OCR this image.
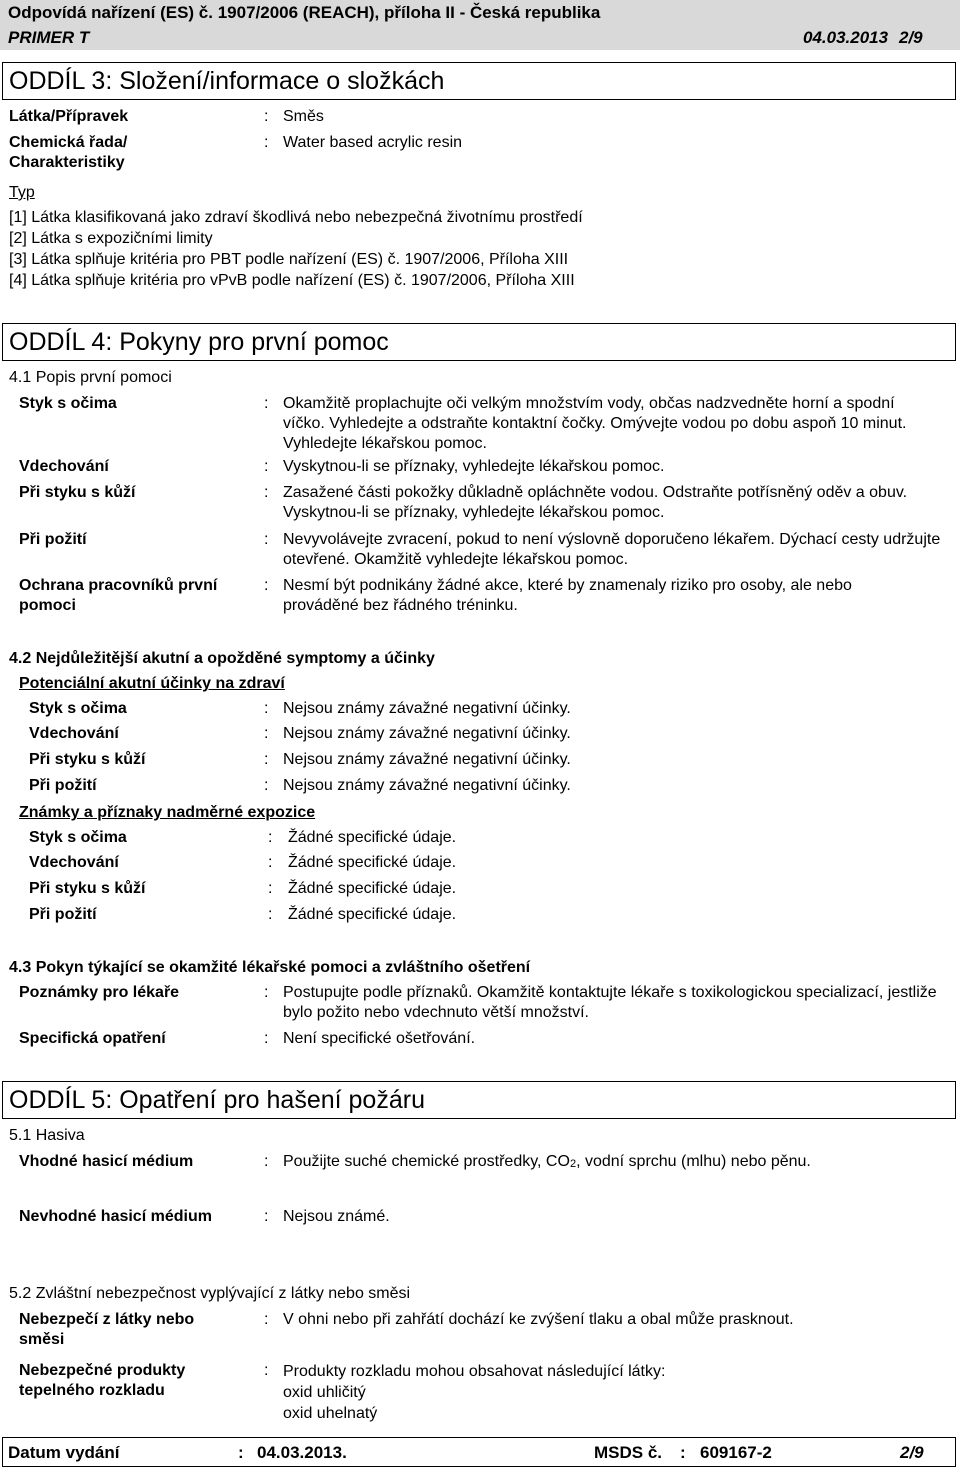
Odpovídá nařízení (ES) č. 1907/2006 (REACH), příloha II - Česká republika
PRIMER T	04.03.2013 2/9
ODDÍL 3: Složení/informace o složkách
Látka/Přípravek	: Směs
Chemická řada/ Charakteristiky
: Water based acrylic resin
Typ
[1] Látka klasifikovaná jako zdraví škodlivá nebo nebezpečná životnímu prostředí
[2] Látka s expozičními limity
[3] Látka splňuje kritéria pro PBT podle nařízení (ES) č. 1907/2006, Příloha XIII
[4] Látka splňuje kritéria pro vPvB podle nařízení (ES) č. 1907/2006, Příloha XIII
ODDÍL 4: Pokyny pro první pomoc
4.1 Popis první pomoci
Styk s očima	: Okamžitě proplachujte oči velkým množstvím vody, občas nadzvedněte horní a spodní víčko. Vyhledejte a odstraňte kontaktní čočky. Omývejte vodou po dobu aspoň 10 minut. Vyhledejte lékařskou pomoc.
Vdechování	: Vyskytnou-li se příznaky, vyhledejte lékařskou pomoc.
Při styku s kůží	: Zasažené části pokožky důkladně opláchněte vodou. Odstraňte potřísněný oděv a obuv. Vyskytnou-li se příznaky, vyhledejte lékařskou pomoc.
Při požití	: Nevyvolávejte zvracení, pokud to není výslovně doporučeno lékařem. Dýchací cesty udržujte otevřené. Okamžitě vyhledejte lékařskou pomoc.
Ochrana pracovníků první pomoci
: Nesmí být podnikány žádné akce, které by znamenaly riziko pro osoby, ale nebo prováděné bez řádného tréninku.
4.2 Nejdůležitější akutní a opožděné symptomy a účinky
Potenciální akutní účinky na zdraví
Styk s očima	: Nejsou známy závažné negativní účinky.
Vdechování	: Nejsou známy závažné negativní účinky.
Při styku s kůží	: Nejsou známy závažné negativní účinky.
Při požití	: Nejsou známy závažné negativní účinky.
Známky a příznaky nadměrné expozice
Styk s očima	: Žádné specifické údaje.
Vdechování	: Žádné specifické údaje.
Při styku s kůží	: Žádné specifické údaje.
Při požití	: Žádné specifické údaje.
4.3 Pokyn týkající se okamžité lékařské pomoci a zvláštního ošetření
Poznámky pro lékaře	: Postupujte podle příznaků. Okamžitě kontaktujte lékaře s toxikologickou specializací, jestliže bylo požito nebo vdechnuto větší množství.
Specifická opatření	: Není specifické ošetřování.
ODDÍL 5: Opatření pro hašení požáru
5.1 Hasiva
Vhodné hasicí médium	: Použijte suché chemické prostředky, CO2, vodní sprchu (mlhu) nebo pěnu.
Nevhodné hasicí médium	: Nejsou známé.
5.2 Zvláštní nebezpečnost vyplývající z látky nebo směsi
Nebezpečí z látky nebo směsi
: V ohni nebo při zahřátí dochází ke zvýšení tlaku a obal může prasknout.
Nebezpečné produkty tepelného rozkladu
: Produkty rozkladu mohou obsahovat následující látky:
oxid uhličitý
oxid uhelnatý
Datum vydání	: 04.03.2013.	MSDS č. : 609167-2	2/9
